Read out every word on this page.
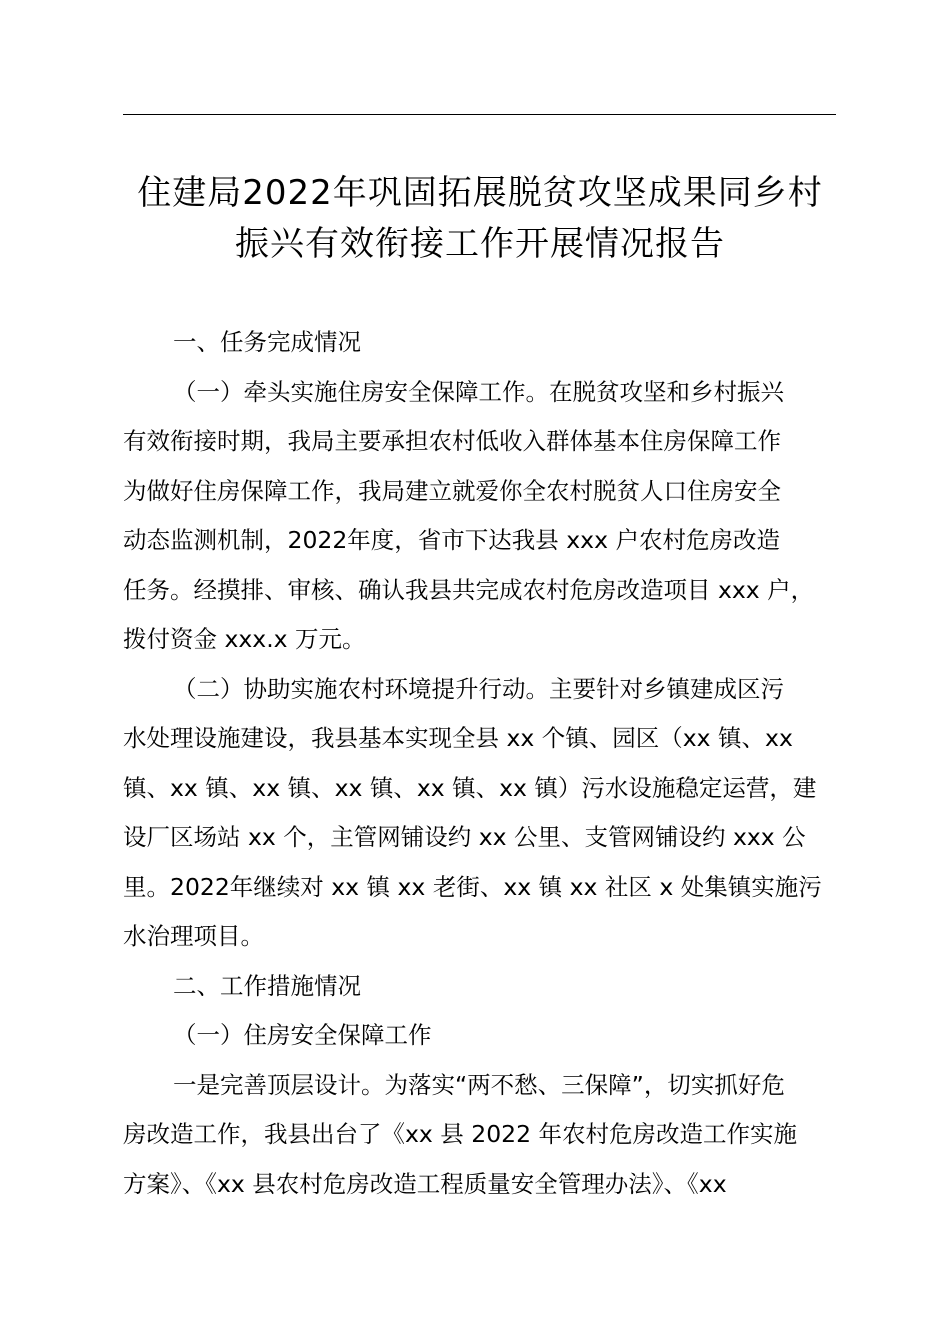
住建局2022年巩固拓展脱贫攻坚成果同乡村
振兴有效衔接工作开展情况报告

一、任务完成情况

（一）牵头实施住房安全保障工作。在脱贫攻坚和乡村振兴

有效衔接时期，我局主要承担农村低收入群体基本住房保障工作

为做好住房保障工作，我局建立就爱你全农村脱贫人口住房安全

动态监测机制，2022年度，省市下达我县 xxx 户农村危房改造

任务。经摸排、审核、确认我县共完成农村危房改造项目 xxx 户，

拨付资金 xxx.x 万元。

（二）协助实施农村环境提升行动。主要针对乡镇建成区污

水处理设施建设，我县基本实现全县 xx 个镇、园区（xx 镇、xx

镇、xx 镇、xx 镇、xx 镇、xx 镇、xx 镇）污水设施稳定运营，建

设厂区场站 xx 个，主管网铺设约 xx 公里、支管网铺设约 xxx 公

里。2022年继续对 xx 镇 xx 老街、xx 镇 xx 社区 x 处集镇实施污

水治理项目。

二、工作措施情况

（一）住房安全保障工作

一是完善顶层设计。为落实“两不愁、三保障”，切实抓好危

房改造工作，我县出台了《xx 县 2022 年农村危房改造工作实施

方案》、《xx 县农村危房改造工程质量安全管理办法》、《xx
